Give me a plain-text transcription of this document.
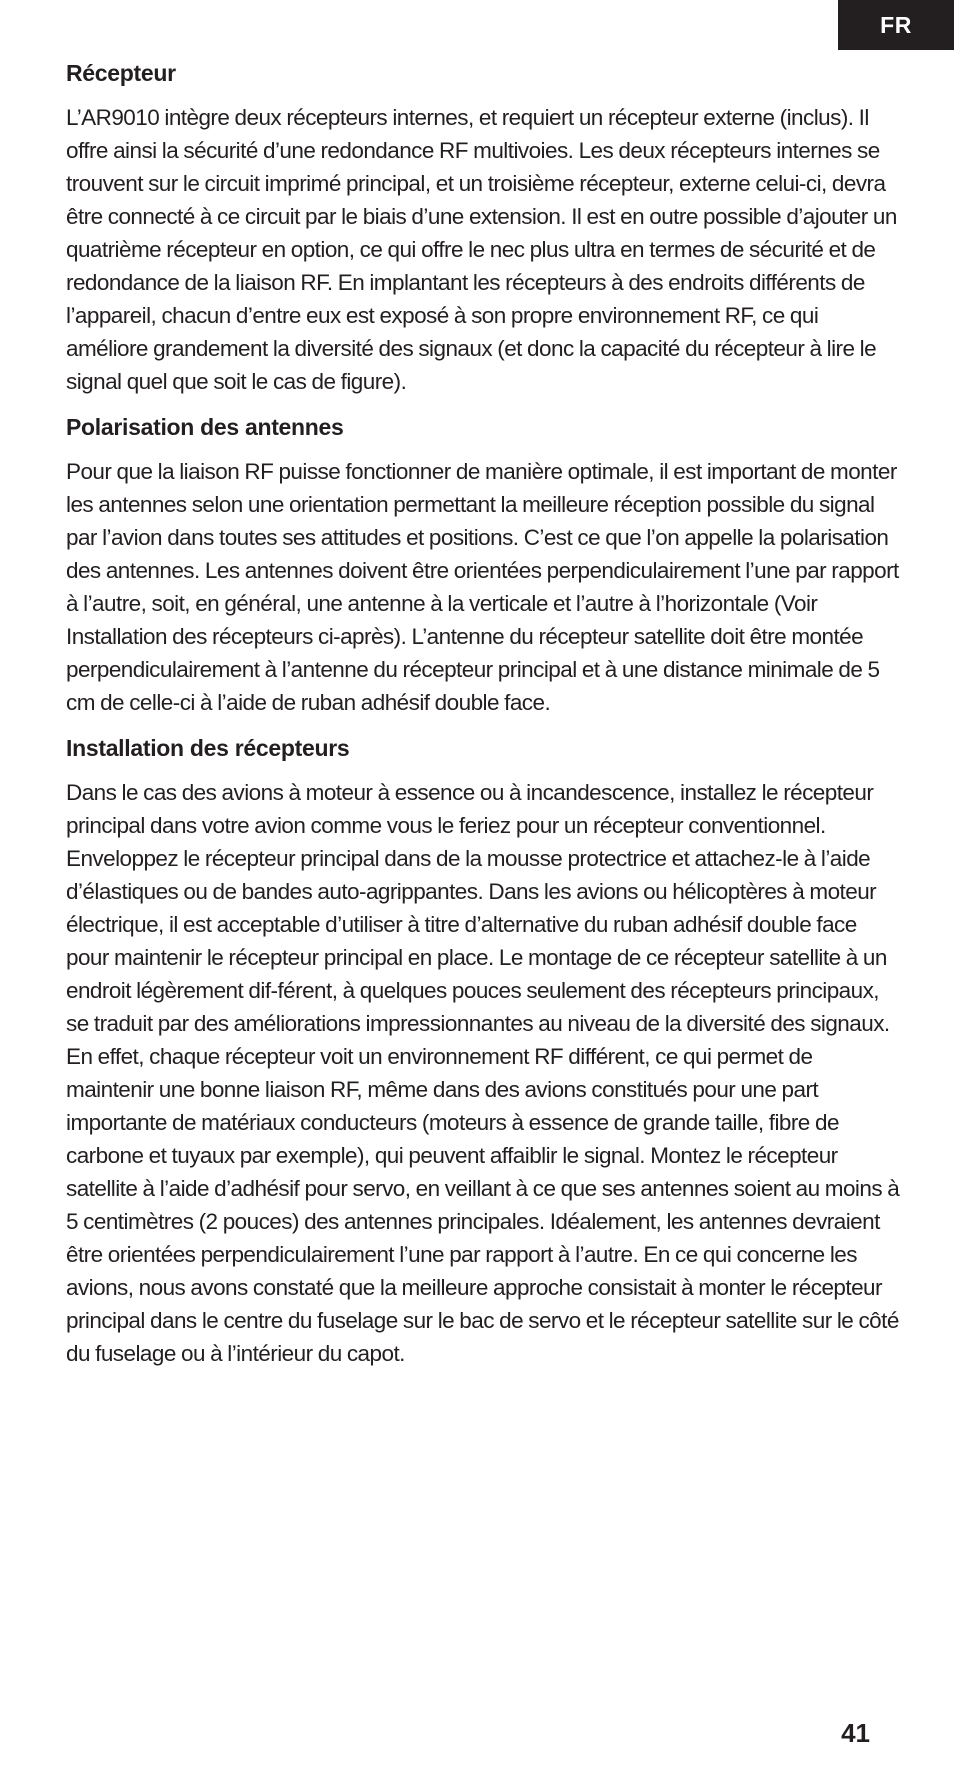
FR
Récepteur

L’AR9010 intègre deux récepteurs internes, et requiert un récepteur externe (inclus). Il offre ainsi la sécurité d’une redondance RF multivoies. Les deux récepteurs internes se trouvent sur le circuit imprimé principal, et un troisième récepteur, externe celui-ci, devra être connecté à ce circuit par le biais d’une extension. Il est en outre possible d’ajouter un quatrième récepteur en option, ce qui offre le nec plus ultra en termes de sécurité et de redondance de la liaison RF. En implantant les récepteurs à des endroits différents de l’appareil, chacun d’entre eux est exposé à son propre environnement RF, ce qui améliore grandement la diversité des signaux (et donc la capacité du récepteur à lire le signal quel que soit le cas de figure).

Polarisation des antennes

Pour que la liaison RF puisse fonctionner de manière optimale, il est important de monter les antennes selon une orientation permettant la meilleure réception possible du signal par l’avion dans toutes ses attitudes et positions. C’est ce que l’on appelle la polarisation des antennes. Les antennes doivent être orientées perpendiculairement l’une par rapport à l’autre, soit, en général, une antenne à la verticale et l’autre à l’horizontale (Voir Installation des récepteurs ci-après). L’antenne du récepteur satellite doit être montée perpendiculairement à l’antenne du récepteur principal et à une distance minimale de 5 cm de celle-ci à l’aide de ruban adhésif double face.

Installation des récepteurs

Dans le cas des avions à moteur à essence ou à incandescence, installez le récepteur principal dans votre avion comme vous le feriez pour un récepteur conventionnel. Enveloppez le récepteur principal dans de la mousse protectrice et attachez-le à l’aide d’élastiques ou de bandes auto-agrippantes. Dans les avions ou hélicoptères à moteur électrique, il est acceptable d’utiliser à titre d’alternative du ruban adhésif double face pour maintenir le récepteur principal en place. Le montage de ce récepteur satellite à un endroit légèrement dif-férent, à quelques pouces seulement des récepteurs principaux, se traduit par des améliorations impressionnantes au niveau de la diversité des signaux. En effet, chaque récepteur voit un environnement RF différent, ce qui permet de maintenir une bonne liaison RF, même dans des avions constitués pour une part importante de matériaux conducteurs (moteurs à essence de grande taille, fibre de carbone et tuyaux par exemple), qui peuvent affaiblir le signal. Montez le récepteur satellite à l’aide d’adhésif pour servo, en veillant à ce que ses antennes soient au moins à 5 centimètres (2 pouces) des antennes principales. Idéalement, les antennes devraient être orientées perpendiculairement l’une par rapport à l’autre. En ce qui concerne les avions, nous avons constaté que la meilleure approche consistait à monter le récepteur principal dans le centre du fuselage sur le bac de servo et le récepteur satellite sur le côté du fuselage ou à l’intérieur du capot.

41
